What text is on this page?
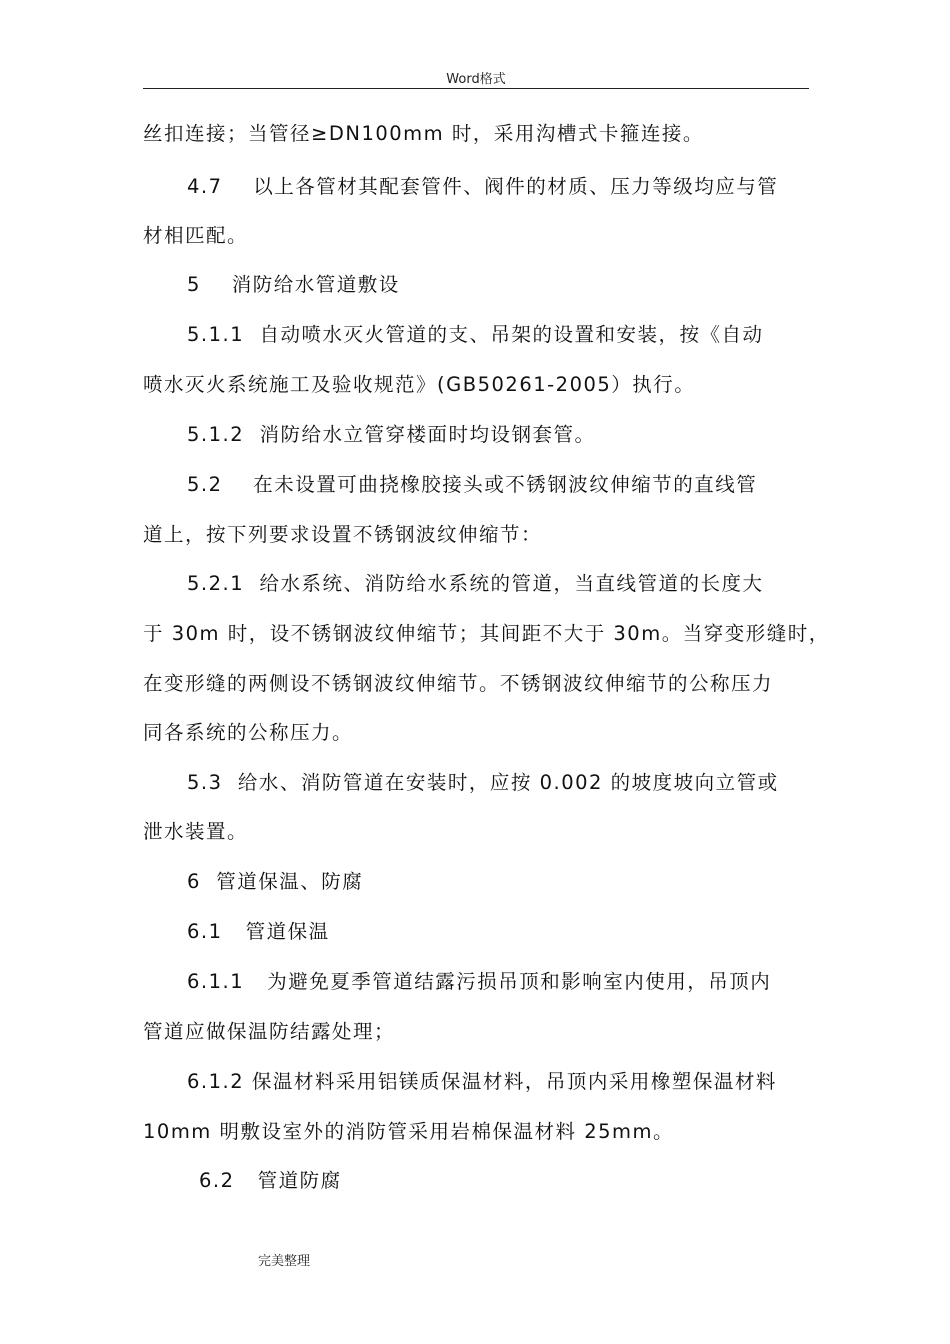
Word格式
丝扣连接；当管径≥DN100mm 时，采用沟槽式卡箍连接。
4.7    以上各管材其配套管件、阀件的材质、压力等级均应与管
材相匹配。
5    消防给水管道敷设
5.1.1  自动喷水灭火管道的支、吊架的设置和安装，按《自动
喷水灭火系统施工及验收规范》(GB50261-2005）执行。
5.1.2  消防给水立管穿楼面时均设钢套管。
5.2    在未设置可曲挠橡胶接头或不锈钢波纹伸缩节的直线管
道上，按下列要求设置不锈钢波纹伸缩节：
5.2.1  给水系统、消防给水系统的管道，当直线管道的长度大
于 30m 时，设不锈钢波纹伸缩节；其间距不大于 30m。当穿变形缝时，
在变形缝的两侧设不锈钢波纹伸缩节。不锈钢波纹伸缩节的公称压力
同各系统的公称压力。
5.3  给水、消防管道在安装时，应按 0.002 的坡度坡向立管或
泄水装置。
6  管道保温、防腐
6.1   管道保温
6.1.1   为避免夏季管道结露污损吊顶和影响室内使用，吊顶内
管道应做保温防结露处理；
6.1.2 保温材料采用铝镁质保温材料，吊顶内采用橡塑保温材料
10mm 明敷设室外的消防管采用岩棉保温材料 25mm。
6.2   管道防腐
完美整理
